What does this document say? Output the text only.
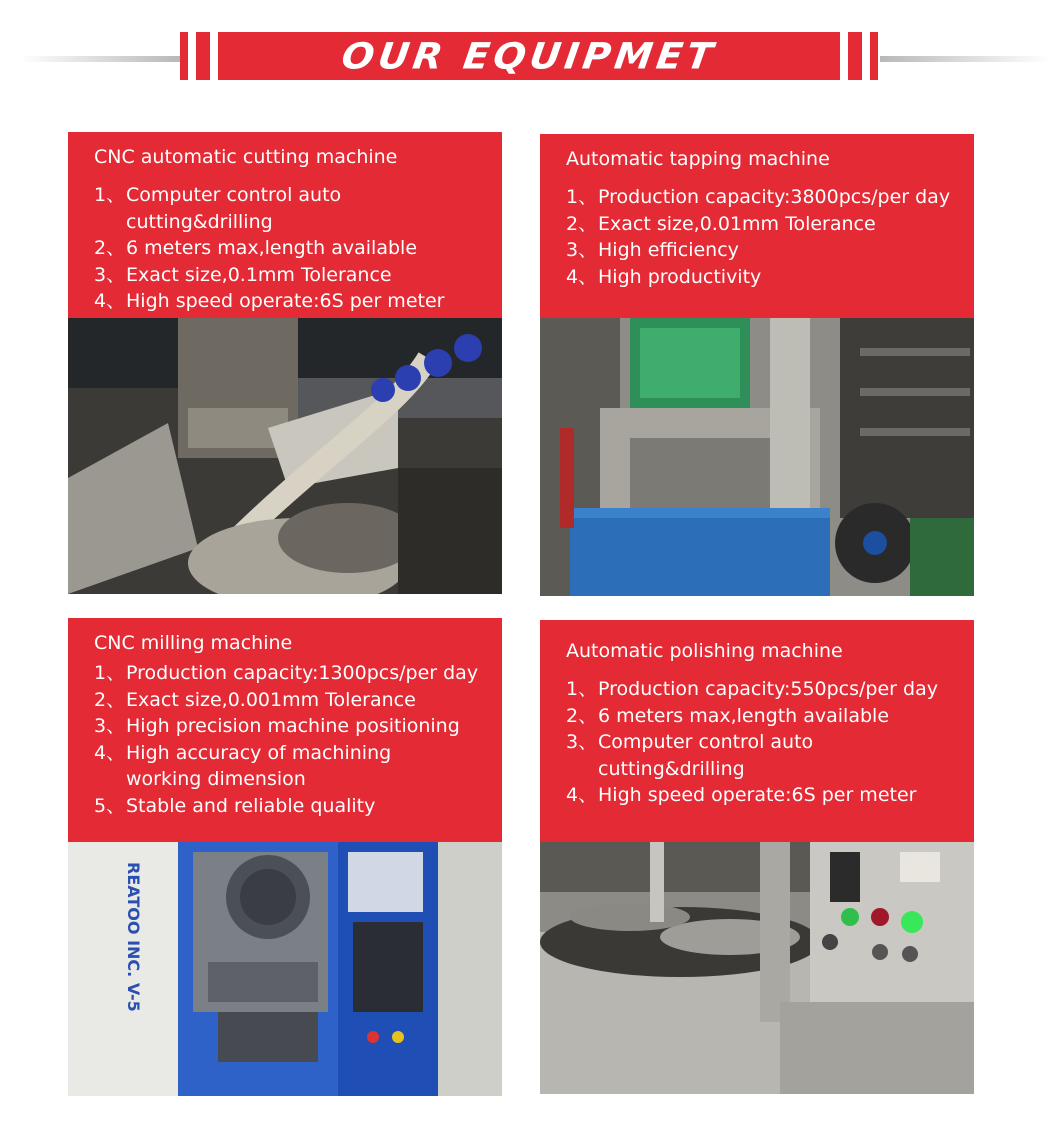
OUR EQUIPMET
CNC automatic cutting machine
1、 Computer control auto cutting&drilling
2、 6 meters max,length available
3、 Exact size,0.1mm Tolerance
4、 High speed operate:6S per meter
Automatic tapping machine
1、 Production capacity:3800pcs/per day
2、 Exact size,0.01mm Tolerance
3、 High efficiency
4、 High productivity
CNC milling machine
1、 Production capacity:1300pcs/per day
2、 Exact size,0.001mm Tolerance
3、 High precision machine positioning
4、 High accuracy of machining working dimension
5、 Stable and reliable quality
REATOO INC. V-5
Automatic polishing machine
1、 Production capacity:550pcs/per day
2、 6 meters max,length available
3、 Computer control auto cutting&drilling
4、 High speed operate:6S per meter
